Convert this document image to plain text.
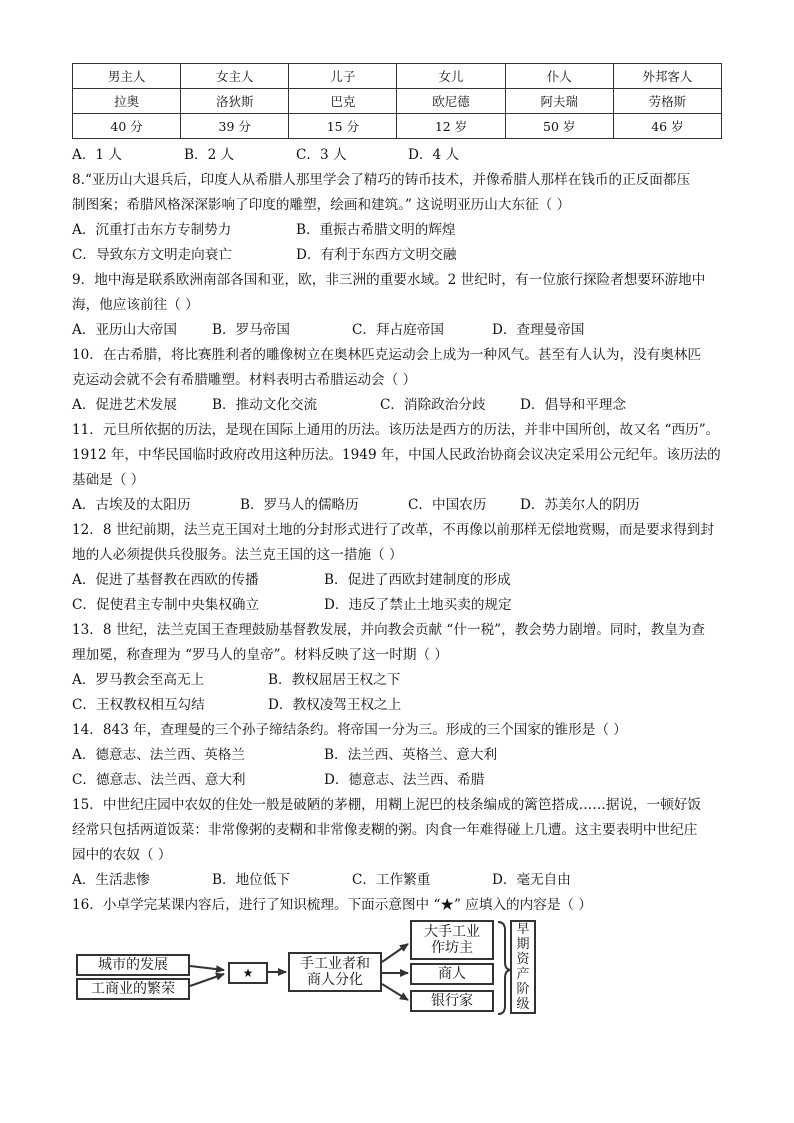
男主人	女主人	儿子	女儿	仆人	外邦客人
拉奥	洛狄斯	巴克	欧尼德	阿夫瑞	劳格斯
40 分	39 分	15 分	12 岁	50 岁	46 岁
A．1 人	B．2 人	C．3 人	D．4 人
8.“亚历山大退兵后，印度人从希腊人那里学会了精巧的铸币技术，并像希腊人那样在钱币的正反面都压
制图案；希腊风格深深影响了印度的雕塑，绘画和建筑。” 这说明亚历山大东征（ ）
A．沉重打击东方专制势力	B．重振古希腊文明的辉煌
C．导致东方文明走向衰亡	D．有利于东西方文明交融
9．地中海是联系欧洲南部各国和亚，欧，非三洲的重要水域。2 世纪时，有一位旅行探险者想要环游地中
海，他应该前往（ ）
A．亚历山大帝国	B．罗马帝国	C．拜占庭帝国	D．查理曼帝国
10．在古希腊，将比赛胜利者的雕像树立在奥林匹克运动会上成为一种风气。甚至有人认为，没有奥林匹
克运动会就不会有希腊雕塑。材料表明古希腊运动会（ ）
A．促进艺术发展	B．推动文化交流	C．消除政治分歧	D．倡导和平理念
11．元旦所依据的历法，是现在国际上通用的历法。该历法是西方的历法，并非中国所创，故又名 “西历”。
1912 年，中华民国临时政府改用这种历法。1949 年，中国人民政治协商会议决定采用公元纪年。该历法的
基础是（ ）
A．古埃及的太阳历	B．罗马人的儒略历	C．中国农历 D．苏美尔人的阴历
12．8 世纪前期，法兰克王国对土地的分封形式进行了改革，不再像以前那样无偿地赏赐，而是要求得到封
地的人必须提供兵役服务。法兰克王国的这一措施（ ）
A．促进了基督教在西欧的传播	B．促进了西欧封建制度的形成
C．促使君主专制中央集权确立	D．违反了禁止土地买卖的规定
13．8 世纪，法兰克国王查理鼓励基督教发展，并向教会贡献 “什一税”，教会势力剧增。同时，教皇为查
理加冕，称查理为 “罗马人的皇帝”。材料反映了这一时期（ ）
A．罗马教会至高无上	B．教权屈居王权之下
C．王权教权相互勾结	D．教权凌驾王权之上
14．843 年，查理曼的三个孙子缔结条约。将帝国一分为三。形成的三个国家的锥形是（ ）
A．德意志、法兰西、英格兰	B．法兰西、英格兰、意大利
C．德意志、法兰西、意大利	D．德意志、法兰西、希腊
15．中世纪庄园中农奴的住处一般是破陋的茅棚，用糊上泥巴的枝条编成的篱笆搭成……据说，一顿好饭
经常只包括两道饭菜：非常像粥的麦糊和非常像麦糊的粥。肉食一年难得碰上几遭。这主要表明中世纪庄
园中的农奴（ ）
A．生活悲惨	B．地位低下	C．工作繁重	D．毫无自由
16．小卓学完某课内容后，进行了知识梳理。下面示意图中 “★” 应填入的内容是（ ）
城市的发展
工商业的繁荣
★
手工业者和
商人分化
大手工业
作坊主
商人
银行家
早
期
资
产
阶
级
